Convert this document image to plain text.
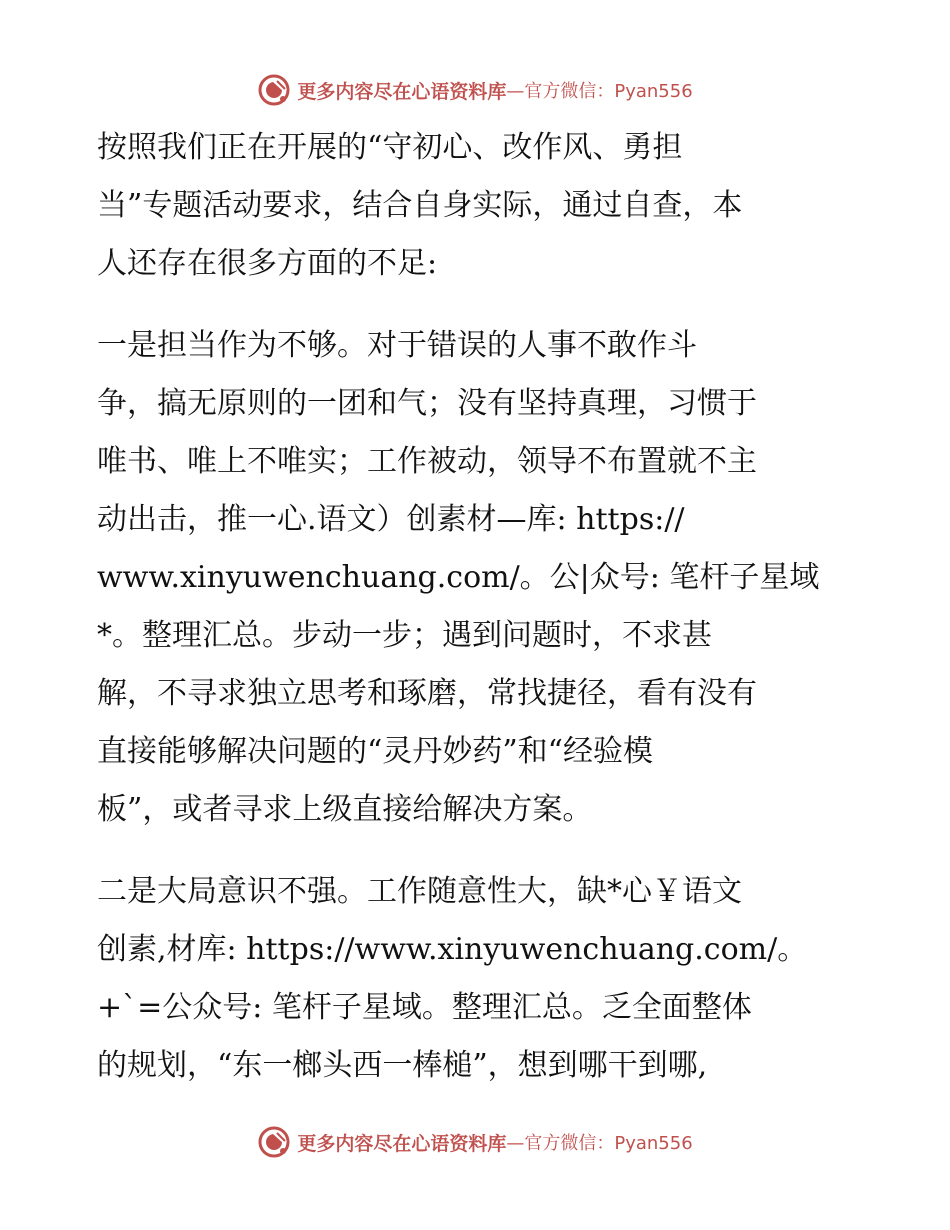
更多内容尽在心语资料库 —官方微信：Pyan556
按照我们正在开展的“守初心、改作风、勇担
当”专题活动要求，结合自身实际，通过自查，本
人还存在很多方面的不足:
一是担当作为不够。对于错误的人事不敢作斗
争，搞无原则的一团和气；没有坚持真理，习惯于
唯书、唯上不唯实；工作被动，领导不布置就不主
动出击，推一心.语文）创素材—库: https://
www.xinyuwenchuang.com/。公|众号: 笔杆子星域
*。整理汇总。步动一步；遇到问题时，不求甚
解，不寻求独立思考和琢磨，常找捷径，看有没有
直接能够解决问题的“灵丹妙药”和“经验模
板”，或者寻求上级直接给解决方案。
二是大局意识不强。工作随意性大，缺*心￥语文
创素,材库: https://www.xinyuwenchuang.com/。
+`=公众号: 笔杆子星域。整理汇总。乏全面整体
的规划，“东一榔头西一棒槌”，想到哪干到哪,
更多内容尽在心语资料库 —官方微信：Pyan556
